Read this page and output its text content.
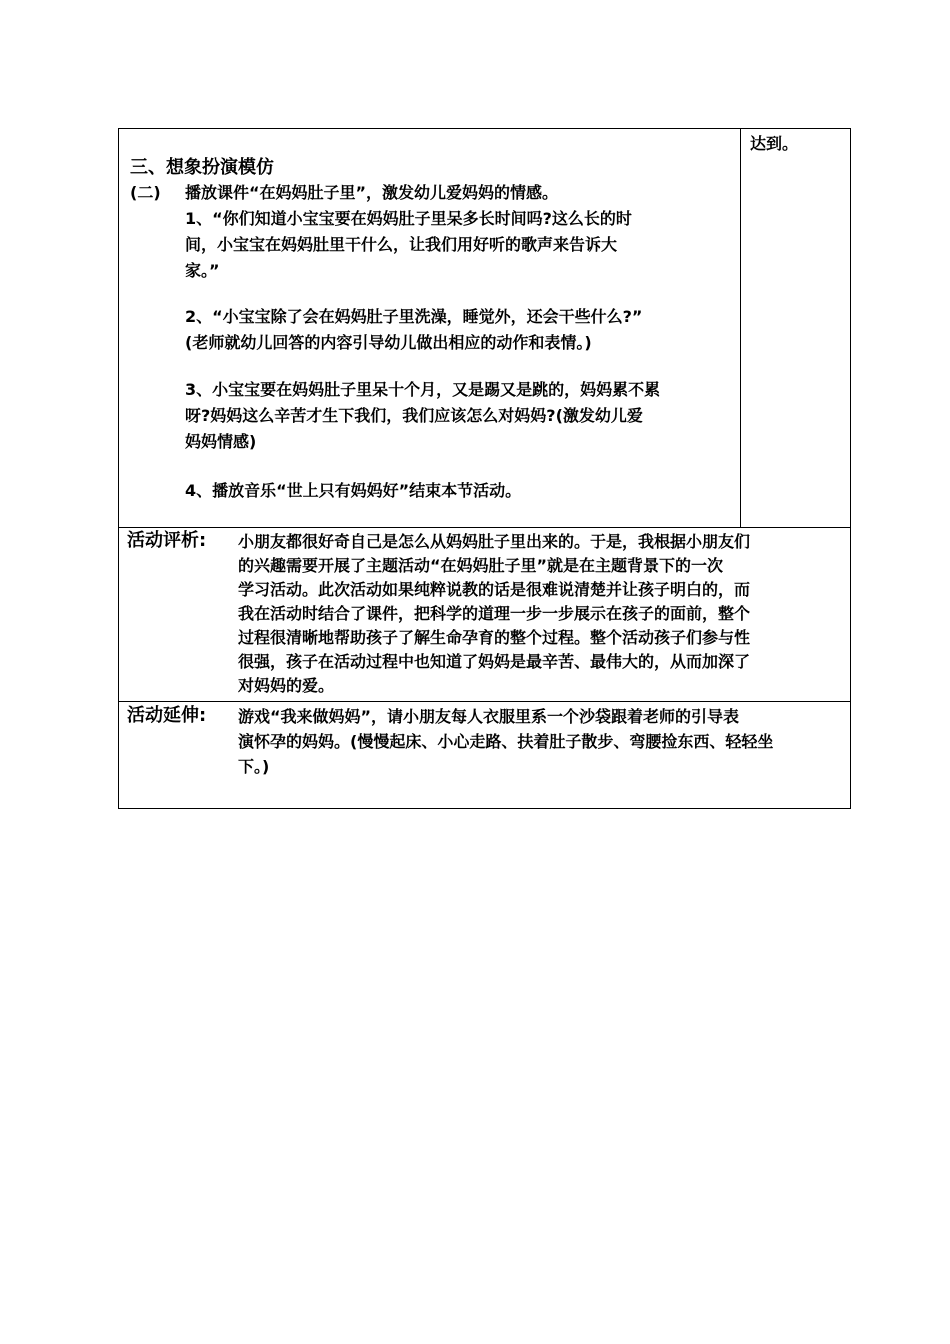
三、想象扮演模仿
(二) 播放课件“在妈妈肚子里”，激发幼儿爱妈妈的情感。
1、“你们知道小宝宝要在妈妈肚子里呆多长时间吗?这么长的时
间，小宝宝在妈妈肚里干什么，让我们用好听的歌声来告诉大
家。”
2、“小宝宝除了会在妈妈肚子里洗澡，睡觉外，还会干些什么?”
(老师就幼儿回答的内容引导幼儿做出相应的动作和表情。)
3、小宝宝要在妈妈肚子里呆十个月，又是踢又是跳的，妈妈累不累
呀?妈妈这么辛苦才生下我们，我们应该怎么对妈妈?(激发幼儿爱
妈妈情感)
4、播放音乐“世上只有妈妈好”结束本节活动。
达到。
活动评析: 小朋友都很好奇自己是怎么从妈妈肚子里出来的。于是，我根据小朋友们
的兴趣需要开展了主题活动“在妈妈肚子里”就是在主题背景下的一次
学习活动。此次活动如果纯粹说教的话是很难说清楚并让孩子明白的，而
我在活动时结合了课件，把科学的道理一步一步展示在孩子的面前，整个
过程很清晰地帮助孩子了解生命孕育的整个过程。整个活动孩子们参与性
很强，孩子在活动过程中也知道了妈妈是最辛苦、最伟大的，从而加深了
对妈妈的爱。
活动延伸: 游戏“我来做妈妈”，请小朋友每人衣服里系一个沙袋跟着老师的引导表
演怀孕的妈妈。(慢慢起床、小心走路、扶着肚子散步、弯腰捡东西、轻轻坐
下。)
